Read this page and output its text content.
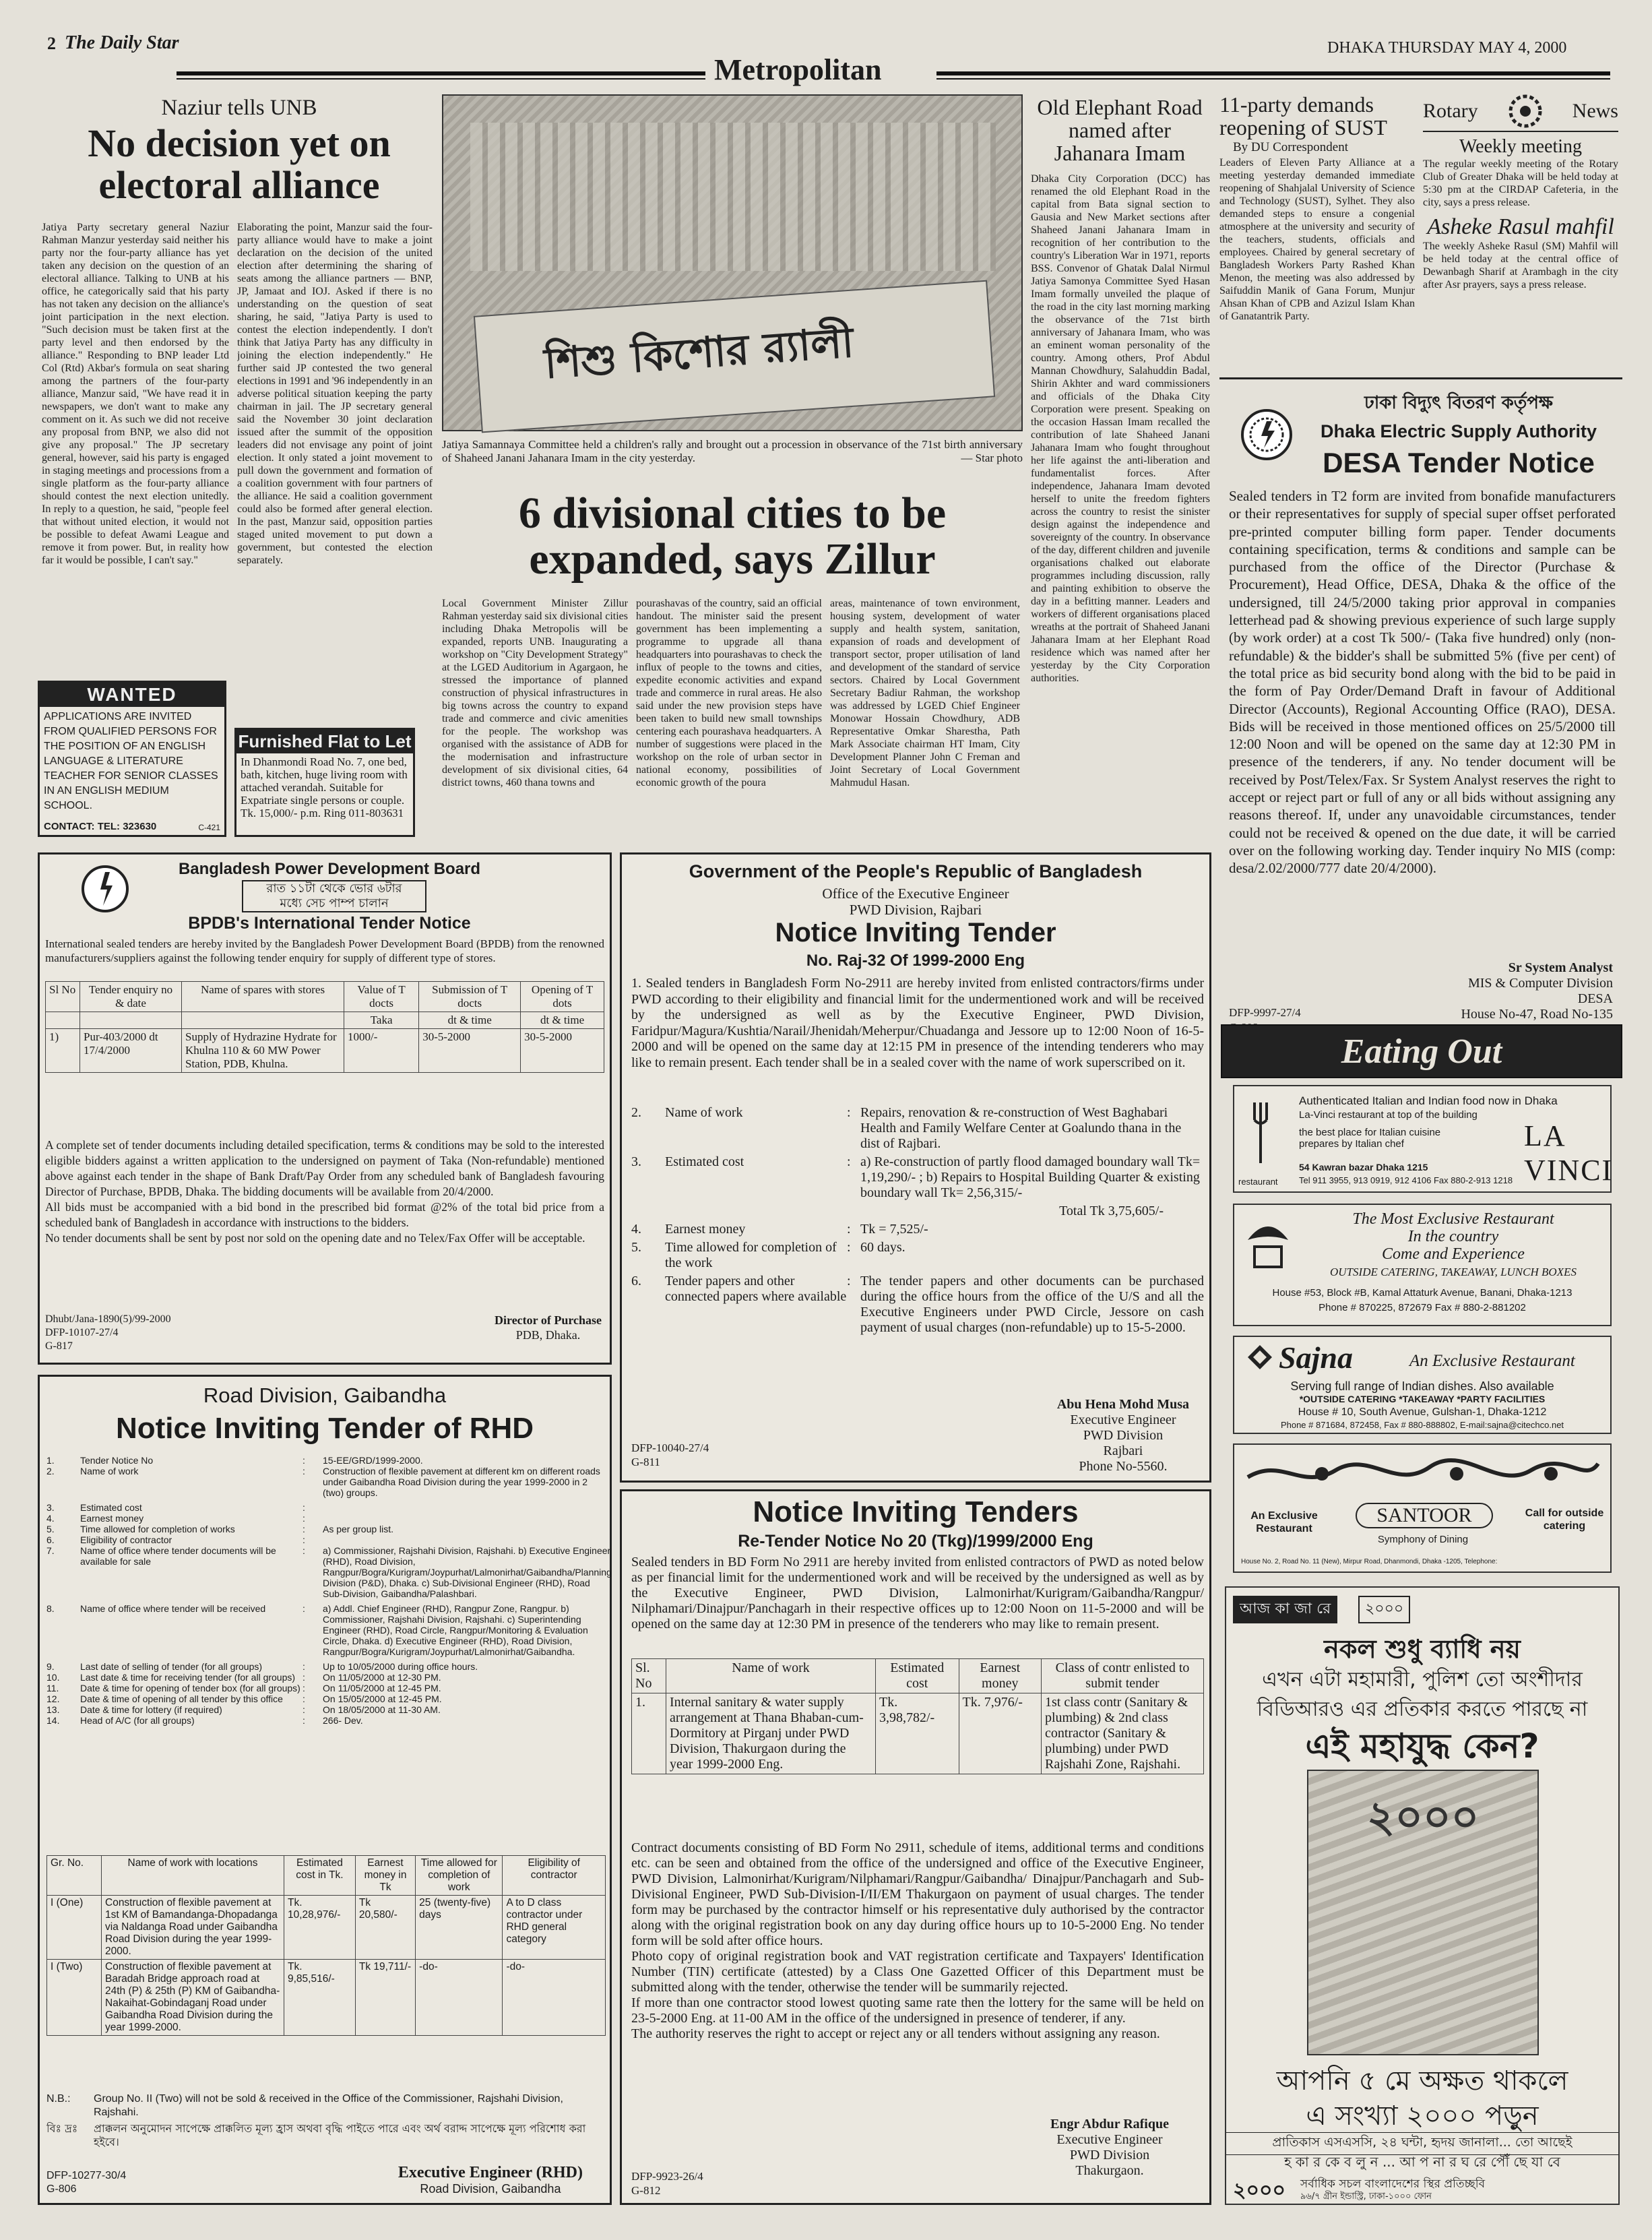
2 The Daily Star
Metropolitan
DHAKA THURSDAY MAY 4, 2000
Naziur tells UNB
No decision yet on electoral alliance
Jatiya Party secretary general Naziur Rahman Manzur yesterday said neither his party nor the four-party alliance has yet taken any decision on the question of an electoral alliance. Talking to UNB at his office, he categorically said that his party has not taken any decision on the alliance's joint participation in the next election. "Such decision must be taken first at the party level and then endorsed by the alliance." Responding to BNP leader Ltd Col (Rtd) Akbar's formula on seat sharing among the partners of the four-party alliance, Manzur said, "We have read it in newspapers, we don't want to make any comment on it. As such we did not receive any proposal from BNP, we also did not give any proposal." The JP secretary general, however, said his party is engaged in staging meetings and processions from a single platform as the four-party alliance should contest the next election unitedly. In reply to a question, he said, "people feel that without united election, it would not be possible to defeat Awami League and remove it from power. But, in reality how far it would be possible, I can't say."
Elaborating the point, Manzur said the four-party alliance would have to make a joint declaration on the decision of the united election after determining the sharing of seats among the alliance partners — BNP, JP, Jamaat and IOJ. Asked if there is no understanding on the question of seat sharing, he said, "Jatiya Party is used to contest the election independently. I don't think that Jatiya Party has any difficulty in joining the election independently." He further said JP contested the two general elections in 1991 and '96 independently in an adverse political situation keeping the party chairman in jail. The JP secretary general said the November 30 joint declaration issued after the summit of the opposition leaders did not envisage any point of joint election. It only stated a joint movement to pull down the government and formation of a coalition government with four partners of the alliance. He said a coalition government could also be formed after general election. In the past, Manzur said, opposition parties staged united movement to put down a government, but contested the election separately.
WANTED
APPLICATIONS ARE INVITED FROM QUALIFIED PERSONS FOR THE POSITION OF AN ENGLISH LANGUAGE & LITERATURE TEACHER FOR SENIOR CLASSES IN AN ENGLISH MEDIUM SCHOOL.
CONTACT: TEL: 323630	C-421
Furnished Flat to Let
In Dhanmondi Road No. 7, one bed, bath, kitchen, huge living room with attached verandah. Suitable for Expatriate single persons or couple. Tk. 15,000/- p.m. Ring 011-803631
শিশু কিশোর র‍্যালী
Jatiya Samannaya Committee held a children's rally and brought out a procession in observance of the 71st birth anniversary of Shaheed Janani Jahanara Imam in the city yesterday.	— Star photo
6 divisional cities to be expanded, says Zillur
Local Government Minister Zillur Rahman yesterday said six divisional cities including Dhaka Metropolis will be expanded, reports UNB. Inaugurating a workshop on "City Development Strategy" at the LGED Auditorium in Agargaon, he stressed the importance of planned construction of physical infrastructures in big towns across the country to expand trade and commerce and civic amenities for the people. The workshop was organised with the assistance of ADB for the modernisation and infrastructure development of six divisional cities, 64 district towns, 460 thana towns and
pourashavas of the country, said an official handout. The minister said the present government has been implementing a programme to upgrade all thana headquarters into pourashavas to check the influx of people to the towns and cities, expedite economic activities and expand trade and commerce in rural areas. He also said under the new provision steps have been taken to build new small townships centering each pourashava headquarters. A number of suggestions were placed in the workshop on the role of urban sector in national economy, possibilities of economic growth of the poura
areas, maintenance of town environment, housing system, development of water supply and health system, sanitation, expansion of roads and development of transport sector, proper utilisation of land and development of the standard of service sectors. Chaired by Local Government Secretary Badiur Rahman, the workshop was addressed by LGED Chief Engineer Monowar Hossain Chowdhury, ADB Representative Omkar Sharestha, Path Mark Associate chairman HT Imam, City Development Planner John C Freman and Joint Secretary of Local Government Mahmudul Hasan.
Old Elephant Road named after Jahanara Imam
Dhaka City Corporation (DCC) has renamed the old Elephant Road in the capital from Bata signal section to Gausia and New Market sections after Shaheed Janani Jahanara Imam in recognition of her contribution to the country's Liberation War in 1971, reports BSS. Convenor of Ghatak Dalal Nirmul Jatiya Samonya Committee Syed Hasan Imam formally unveiled the plaque of the road in the city last morning marking the observance of the 71st birth anniversary of Jahanara Imam, who was an eminent woman personality of the country. Among others, Prof Abdul Mannan Chowdhury, Salahuddin Badal, Shirin Akhter and ward commissioners and officials of the Dhaka City Corporation were present. Speaking on the occasion Hassan Imam recalled the contribution of late Shaheed Janani Jahanara Imam who fought throughout her life against the anti-liberation and fundamentalist forces. After independence, Jahanara Imam devoted herself to unite the freedom fighters across the country to resist the sinister design against the independence and sovereignty of the country. In observance of the day, different children and juvenile organisations chalked out elaborate programmes including discussion, rally and painting exhibition to observe the day in a befitting manner. Leaders and workers of different organisations placed wreaths at the portrait of Shaheed Janani Jahanara Imam at her Elephant Road residence which was named after her yesterday by the City Corporation authorities.
11-party demands reopening of SUST
By DU Correspondent
Leaders of Eleven Party Alliance at a meeting yesterday demanded immediate reopening of Shahjalal University of Science and Technology (SUST), Sylhet. They also demanded steps to ensure a congenial atmosphere at the university and security of the teachers, students, officials and employees. Chaired by general secretary of Bangladesh Workers Party Rashed Khan Menon, the meeting was also addressed by Saifuddin Manik of Gana Forum, Munjur Ahsan Khan of CPB and Azizul Islam Khan of Ganatantrik Party.
Rotary	News
Weekly meeting
The regular weekly meeting of the Rotary Club of Greater Dhaka will be held today at 5:30 pm at the CIRDAP Cafeteria, in the city, says a press release.
Asheke Rasul mahfil
The weekly Asheke Rasul (SM) Mahfil will be held today at the central office of Dewanbagh Sharif at Arambagh in the city after Asr prayers, says a press release.
ঢাকা বিদ্যুৎ বিতরণ কর্তৃপক্ষ
Dhaka Electric Supply Authority
DESA Tender Notice
Sealed tenders in T2 form are invited from bonafide manufacturers or their representatives for supply of special super offset perforated pre-printed computer billing form paper. Tender documents containing specification, terms & conditions and sample can be purchased from the office of the Director (Purchase & Procurement), Head Office, DESA, Dhaka & the office of the undersigned, till 24/5/2000 taking prior approval in companies letterhead pad & showing previous experience of such large supply (by work order) at a cost Tk 500/- (Taka five hundred) only (non-refundable) & the bidder's shall be submitted 5% (five per cent) of the total price as bid security bond along with the bid to be paid in the form of Pay Order/Demand Draft in favour of Additional Director (Accounts), Regional Accounting Office (RAO), DESA. Bids will be received in those mentioned offices on 25/5/2000 till 12:00 Noon and will be opened on the same day at 12:30 PM in presence of the tenderers, if any. No tender document will be received by Post/Telex/Fax. Sr System Analyst reserves the right to accept or reject part or full of any or all bids without assigning any reasons thereof. If, under any unavoidable circumstances, tender could not be received & opened on the due date, it will be carried over on the following working day. Tender inquiry No MIS (comp: desa/2.02/2000/777 date 20/4/2000).
Sr System Analyst
MIS & Computer Division
DESA
House No-47, Road No-135
DFP-9997-27/4
Bangladesh Power Development Board
রাত ১১টা থেকে ভোর ৬টার
মধ্যে সেচ পাম্প চালান
BPDB's International Tender Notice
International sealed tenders are hereby invited by the Bangladesh Power Development Board (BPDB) from the renowned manufacturers/suppliers against the following tender enquiry for supply of different type of stores.
Sl No	Tender enquiry no & date	Name of spares with stores	Value of T docts	Submission of T docts	Opening of T dots
			Taka	dt & time	dt & time
1)	Pur-403/2000 dt 17/4/2000	Supply of Hydrazine Hydrate for Khulna 110 & 60 MW Power Station, PDB, Khulna.	1000/-	30-5-2000	30-5-2000
A complete set of tender documents including detailed specification, terms & conditions may be sold to the interested eligible bidders against a written application to the undersigned on payment of Taka (Non-refundable) mentioned above against each tender in the shape of Bank Draft/Pay Order from any scheduled bank of Bangladesh favouring Director of Purchase, BPDB, Dhaka. The bidding documents will be available from 20/4/2000.
All bids must be accompanied with a bid bond in the prescribed bid format @2% of the total bid price from a scheduled bank of Bangladesh in accordance with instructions to the bidders.
No tender documents shall be sent by post nor sold on the opening date and no Telex/Fax Offer will be acceptable.
Dhubt/Jana-1890(5)/99-2000
DFP-10107-27/4
G-817
Director of Purchase
PDB, Dhaka.
Government of the People's Republic of Bangladesh
Office of the Executive Engineer
PWD Division, Rajbari
Notice Inviting Tender
No. Raj-32 Of 1999-2000 Eng
1. Sealed tenders in Bangladesh Form No-2911 are hereby invited from enlisted contractors/firms under PWD according to their eligibility and financial limit for the undermentioned work and will be received by the undersigned as well as by the Executive Engineer, PWD Division, Faridpur/Magura/Kushtia/Narail/Jhenidah/Meherpur/Chuadanga and Jessore up to 12:00 Noon of 16-5-2000 and will be opened on the same day at 12:15 PM in presence of the intending tenderers who may like to remain present. Each tender shall be in a sealed cover with the name of work superscribed on it.
2.	Name of work	: Repairs, renovation & re-construction of West Baghabari Health and Family Welfare Center at Goalundo thana in the dist of Rajbari.
3.	Estimated cost	: a) Re-construction of partly flood damaged boundary wall Tk= 1,19,290/- ; b) Repairs to Hospital Building Quarter & existing boundary wall Tk= 2,56,315/-
Total Tk 3,75,605/-
4.	Earnest money	: Tk = 7,525/-
5.	Time allowed for completion of the work
: 60 days.
6.	Tender papers and other connected papers where available
: The tender papers and other documents can be purchased during the office hours from the office of the U/S and all the Executive Engineers under PWD Circle, Jessore on cash payment of usual charges (non-refundable) up to 15-5-2000.
Abu Hena Mohd Musa
Executive Engineer
PWD Division
Rajbari
Phone No-5560.
DFP-10040-27/4
G-811
Road Division, Gaibandha
Notice Inviting Tender of RHD
1.	Tender Notice No	:	15-EE/GRD/1999-2000.
2.	Name of work	:	Construction of flexible pavement at different km on different roads under Gaibandha Road Division during the year 1999-2000 in 2 (two) groups.
3.	Estimated cost	:
4.	Earnest money	:
5.	Time allowed for completion of works	:	As per group list.
6.	Eligibility of contractor	:
7.	Name of office where tender documents will be available for sale
:	a) Commissioner, Rajshahi Division, Rajshahi. b) Executive Engineer (RHD), Road Division, Rangpur/Bogra/Kurigram/Joypurhat/Lalmonirhat/Gaibandha/Planning Division (P&D), Dhaka. c) Sub-Divisional Engineer (RHD), Road Sub-Division, Gaibandha/Palashbari.
8.	Name of office where tender will be received	:	a) Addl. Chief Engineer (RHD), Rangpur Zone, Rangpur. b) Commissioner, Rajshahi Division, Rajshahi. c) Superintending Engineer (RHD), Road Circle, Rangpur/Monitoring & Evaluation Circle, Dhaka. d) Executive Engineer (RHD), Road Division, Rangpur/Bogra/Kurigram/Joypurhat/Lalmonirhat/Gaibandha.
9.	Last date of selling of tender (for all groups)	:	Up to 10/05/2000 during office hours.
10.	Last date & time for receiving tender (for all groups) :	On 11/05/2000 at 12-30 PM.
11.	Date & time for opening of tender box (for all groups) :	On 11/05/2000 at 12-45 PM.
12.	Date & time of opening of all tender by this office	:	On 15/05/2000 at 12-45 PM.
13.	Date & time for lottery (if required)	:	On 18/05/2000 at 11-30 AM.
14.	Head of A/C (for all groups)	:	266- Dev.
Gr. No.	Name of work with locations	Estimated cost in Tk.	Earnest money in Tk	Time allowed for completion of work	Eligibility of contractor
I (One)	Construction of flexible pavement at 1st KM of Bamandanga-Dhopadanga via Naldanga Road under Gaibandha Road Division during the year 1999-2000.	Tk. 10,28,976/-	Tk 20,580/-	25 (twenty-five) days	A to D class contractor under RHD general category
I (Two)	Construction of flexible pavement at Baradah Bridge approach road at 24th (P) & 25th (P) KM of Gaibandha-Nakaihat-Gobindaganj Road under Gaibandha Road Division during the year 1999-2000.	Tk. 9,85,516/-	Tk 19,711/-	-do-	-do-
N.B.:	Group No. II (Two) will not be sold & received in the Office of the Commissioner, Rajshahi Division, Rajshahi.
বিঃ দ্রঃ	প্রাক্কলন অনুমোদন সাপেক্ষে প্রাক্কলিত মূল্য হ্রাস অথবা বৃদ্ধি পাইতে পারে এবং অর্থ বরাদ্দ সাপেক্ষে মূল্য পরিশোধ করা হইবে।
DFP-10277-30/4
G-806
Executive Engineer (RHD)
Road Division, Gaibandha
Notice Inviting Tenders
Re-Tender Notice No 20 (Tkg)/1999/2000 Eng
Sealed tenders in BD Form No 2911 are hereby invited from enlisted contractors of PWD as noted below as per financial limit for the undermentioned work and will be received by the undersigned as well as by the Executive Engineer, PWD Division, Lalmonirhat/Kurigram/Gaibandha/Rangpur/ Nilphamari/Dinajpur/Panchagarh in their respective offices up to 12:00 Noon on 11-5-2000 and will be opened on the same day at 12:30 PM in presence of the tenderers who may like to remain present.
Sl. No	Name of work	Estimated cost	Earnest money	Class of contr enlisted to submit tender
1.	Internal sanitary & water supply arrangement at Thana Bhaban-cum-Dormitory at Pirganj under PWD Division, Thakurgaon during the year 1999-2000 Eng.	Tk. 3,98,782/-	Tk. 7,976/-	1st class contr (Sanitary & plumbing) & 2nd class contractor (Sanitary & plumbing) under PWD Rajshahi Zone, Rajshahi.
Contract documents consisting of BD Form No 2911, schedule of items, additional terms and conditions etc. can be seen and obtained from the office of the undersigned and office of the Executive Engineer, PWD Division, Lalmonirhat/Kurigram/Nilphamari/Rangpur/Gaibandha/ Dinajpur/Panchagarh and Sub-Divisional Engineer, PWD Sub-Division-I/II/EM Thakurgaon on payment of usual charges. The tender form may be purchased by the contractor himself or his representative duly authorised by the contractor along with the original registration book on any day during office hours up to 10-5-2000 Eng. No tender form will be sold after office hours.
Photo copy of original registration book and VAT registration certificate and Taxpayers' Identification Number (TIN) certificate (attested) by a Class One Gazetted Officer of this Department must be submitted along with the tender, otherwise the tender will be summarily rejected.
If more than one contractor stood lowest quoting same rate then the lottery for the same will be held on 23-5-2000 Eng. at 11-00 AM in the office of the undersigned in presence of tenderer, if any.
The authority reserves the right to accept or reject any or all tenders without assigning any reason.
Engr Abdur Rafique
Executive Engineer
PWD Division
Thakurgaon.
DFP-9923-26/4
G-812
Eating Out
restaurant
Authenticated Italian and Indian food now in Dhaka
La-Vinci restaurant at top of the building
the best place for Italian cuisine prepares by Italian chef	LA VINCI
54 Kawran bazar Dhaka 1215
Tel 911 3955, 913 0919, 912 4106 Fax 880-2-913 1218
The Most Exclusive Restaurant
In the country
Come and Experience
OUTSIDE CATERING, TAKEAWAY, LUNCH BOXES
House #53, Block #B, Kamal Attaturk Avenue, Banani, Dhaka-1213
Phone # 870225, 872679 Fax # 880-2-881202
Sajna	An Exclusive Restaurant
Serving full range of Indian dishes. Also available
*OUTSIDE CATERING *TAKEAWAY *PARTY FACILITIES
House # 10, South Avenue, Gulshan-1, Dhaka-1212
Phone # 871684, 872458, Fax # 880-888802, E-mail:sajna@citechco.net
An Exclusive Restaurant
SANTOOR
Symphony of Dining
Call for outside catering
House No. 2, Road No. 11 (New), Mirpur Road, Dhanmondi, Dhaka -1205, Telephone:
আজ কা জা রে	২০০০
নকল শুধু ব্যাধি নয়
এখন এটা মহামারী, পুলিশ তো অংশীদার
বিডিআরও এর প্রতিকার করতে পারছে না
এই মহাযুদ্ধ কেন?
২০০০
আপনি ৫ মে অক্ষত থাকলে
এ সংখ্যা ২০০০ পড়ুন
প্রাতিকাস এসএসসি, ২৪ ঘন্টা, হৃদয় জানালা... তো আছেই
হ কা র কে ব লু ন ... আ প না র ঘ রে পৌঁ ছে যা বে
২০০০ সর্বাধিক সচল বাংলাদেশের স্থির প্রতিচ্ছবি
৯৬/৭ গ্রীন ইন্ডাস্ট্রি, ঢাকা-১০০০ ফোন
